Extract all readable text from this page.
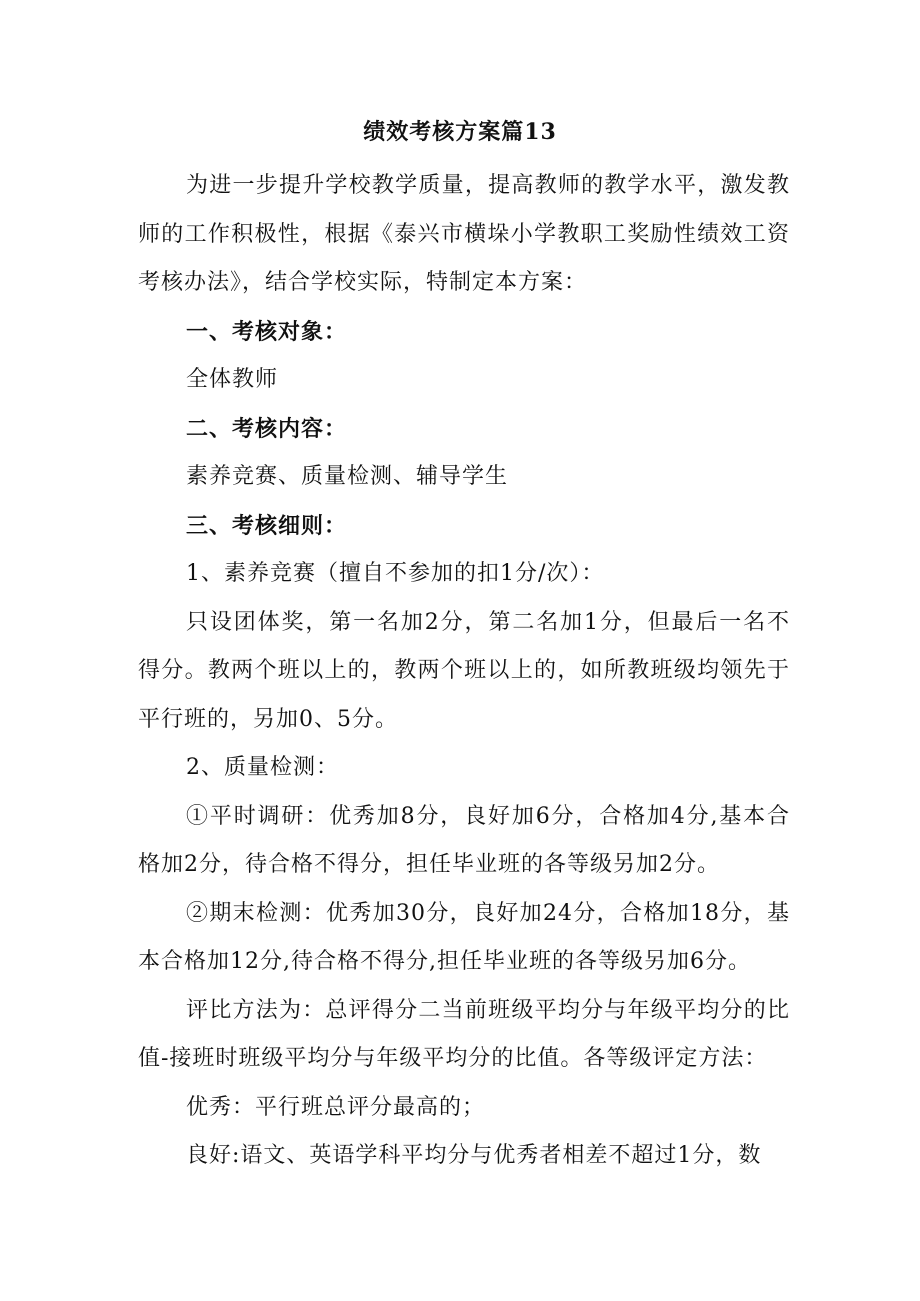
绩效考核方案篇13

为进一步提升学校教学质量，提高教师的教学水平，激发教师的工作积极性，根据《泰兴市横垛小学教职工奖励性绩效工资考核办法》，结合学校实际，特制定本方案：

一、考核对象：

全体教师

二、考核内容：

素养竞赛、质量检测、辅导学生

三、考核细则：

1、素养竞赛（擅自不参加的扣1分/次）：

只设团体奖，第一名加2分，第二名加1分，但最后一名不得分。教两个班以上的，教两个班以上的，如所教班级均领先于平行班的，另加0、5分。

2、质量检测：

①平时调研：优秀加8分，良好加6分，合格加4分,基本合格加2分，待合格不得分，担任毕业班的各等级另加2分。

②期末检测：优秀加30分，良好加24分，合格加18分，基本合格加12分,待合格不得分,担任毕业班的各等级另加6分。

评比方法为：总评得分二当前班级平均分与年级平均分的比值-接班时班级平均分与年级平均分的比值。各等级评定方法：

优秀：平行班总评分最高的；

良好:语文、英语学科平均分与优秀者相差不超过1分，数
